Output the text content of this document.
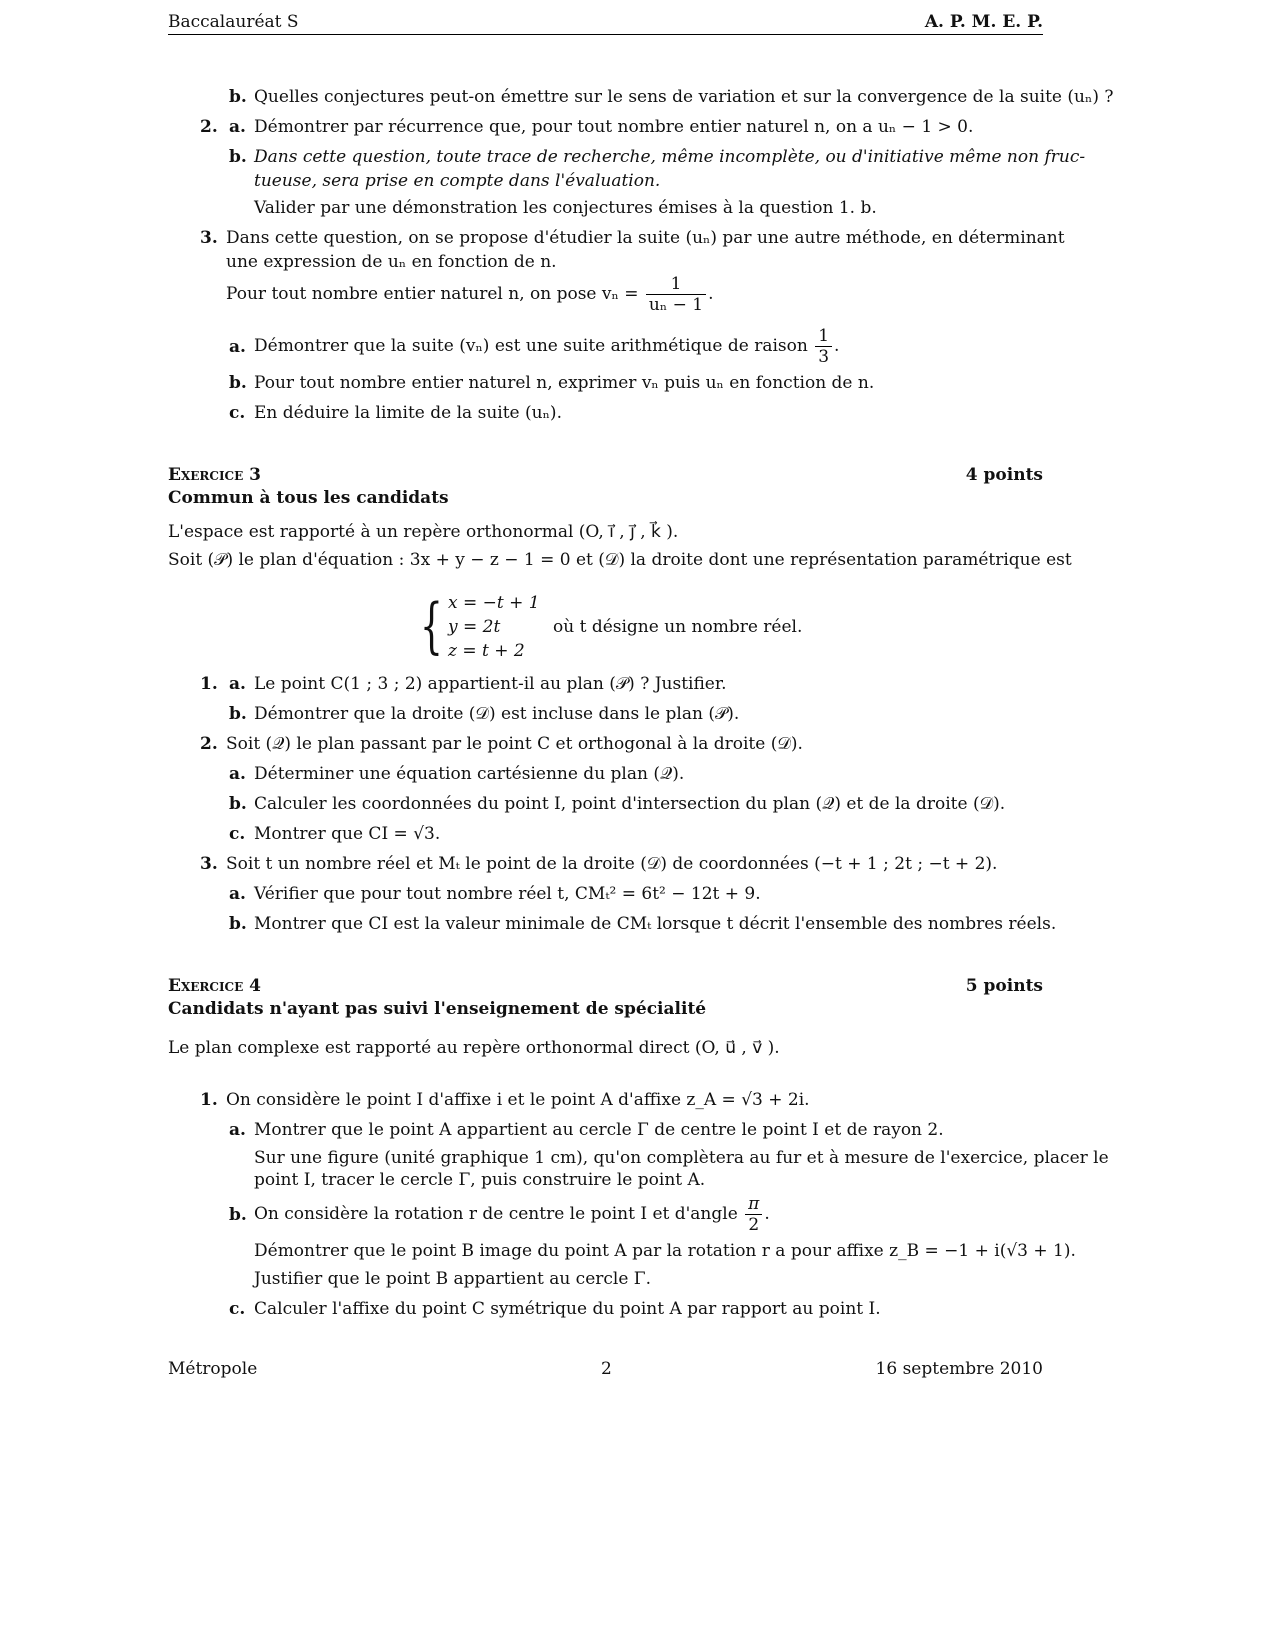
Baccalauréat S	A. P. M. E. P.
b. Quelles conjectures peut-on émettre sur le sens de variation et sur la convergence de la suite (uₙ) ?
2. a. Démontrer par récurrence que, pour tout nombre entier naturel n, on a uₙ − 1 > 0.
b. Dans cette question, toute trace de recherche, même incomplète, ou d'initiative même non fruc-
tueuse, sera prise en compte dans l'évaluation.
Valider par une démonstration les conjectures émises à la question 1. b.
3. Dans cette question, on se propose d'étudier la suite (uₙ) par une autre méthode, en déterminant
une expression de uₙ en fonction de n.
Pour tout nombre entier naturel n, on pose $v_n = \frac{1}{\text{uₙ − 1}}$ .
a. Démontrer que la suite (vₙ) est une suite arithmétique de raison $\frac{1}{3}$ .
b. Pour tout nombre entier naturel n, exprimer vₙ puis uₙ en fonction de n.
c. En déduire la limite de la suite (uₙ).
Exercice 3	4 points
Commun à tous les candidats
L'espace est rapporté à un repère orthonormal (O, i⃗ , j⃗ , k⃗ ).
Soit (𝒫) le plan d'équation : 3x + y − z − 1 = 0 et (𝒟) la droite dont une représentation paramétrique est
{ x = −t + 1
y = 2t
z = t + 2
où t désigne un nombre réel.
1. a. Le point C(1 ; 3 ; 2) appartient-il au plan (𝒫) ? Justifier.
b. Démontrer que la droite (𝒟) est incluse dans le plan (𝒫).
2. Soit (𝒬) le plan passant par le point C et orthogonal à la droite (𝒟).
a. Déterminer une équation cartésienne du plan (𝒬).
b. Calculer les coordonnées du point I, point d'intersection du plan (𝒬) et de la droite (𝒟).
c. Montrer que CI = √3.
3. Soit t un nombre réel et Mₜ le point de la droite (𝒟) de coordonnées (−t + 1 ; 2t ; −t + 2).
a. Vérifier que pour tout nombre réel t, CMₜ² = 6t² − 12t + 9.
b. Montrer que CI est la valeur minimale de CMₜ lorsque t décrit l'ensemble des nombres réels.
Exercice 4	5 points
Candidats n'ayant pas suivi l'enseignement de spécialité
Le plan complexe est rapporté au repère orthonormal direct (O, u⃗ , v⃗ ).
1. On considère le point I d'affixe i et le point A d'affixe z_A = √3 + 2i.
a. Montrer que le point A appartient au cercle Γ de centre le point I et de rayon 2.
Sur une figure (unité graphique 1 cm), qu'on complètera au fur et à mesure de l'exercice, placer le
point I, tracer le cercle Γ, puis construire le point A.
b. On considère la rotation r de centre le point I et d'angle $\frac{\pi}{2}$ .
Démontrer que le point B image du point A par la rotation r a pour affixe z_B = −1 + i(√3 + 1).
Justifier que le point B appartient au cercle Γ.
c. Calculer l'affixe du point C symétrique du point A par rapport au point I.
Métropole	2	16 septembre 2010
